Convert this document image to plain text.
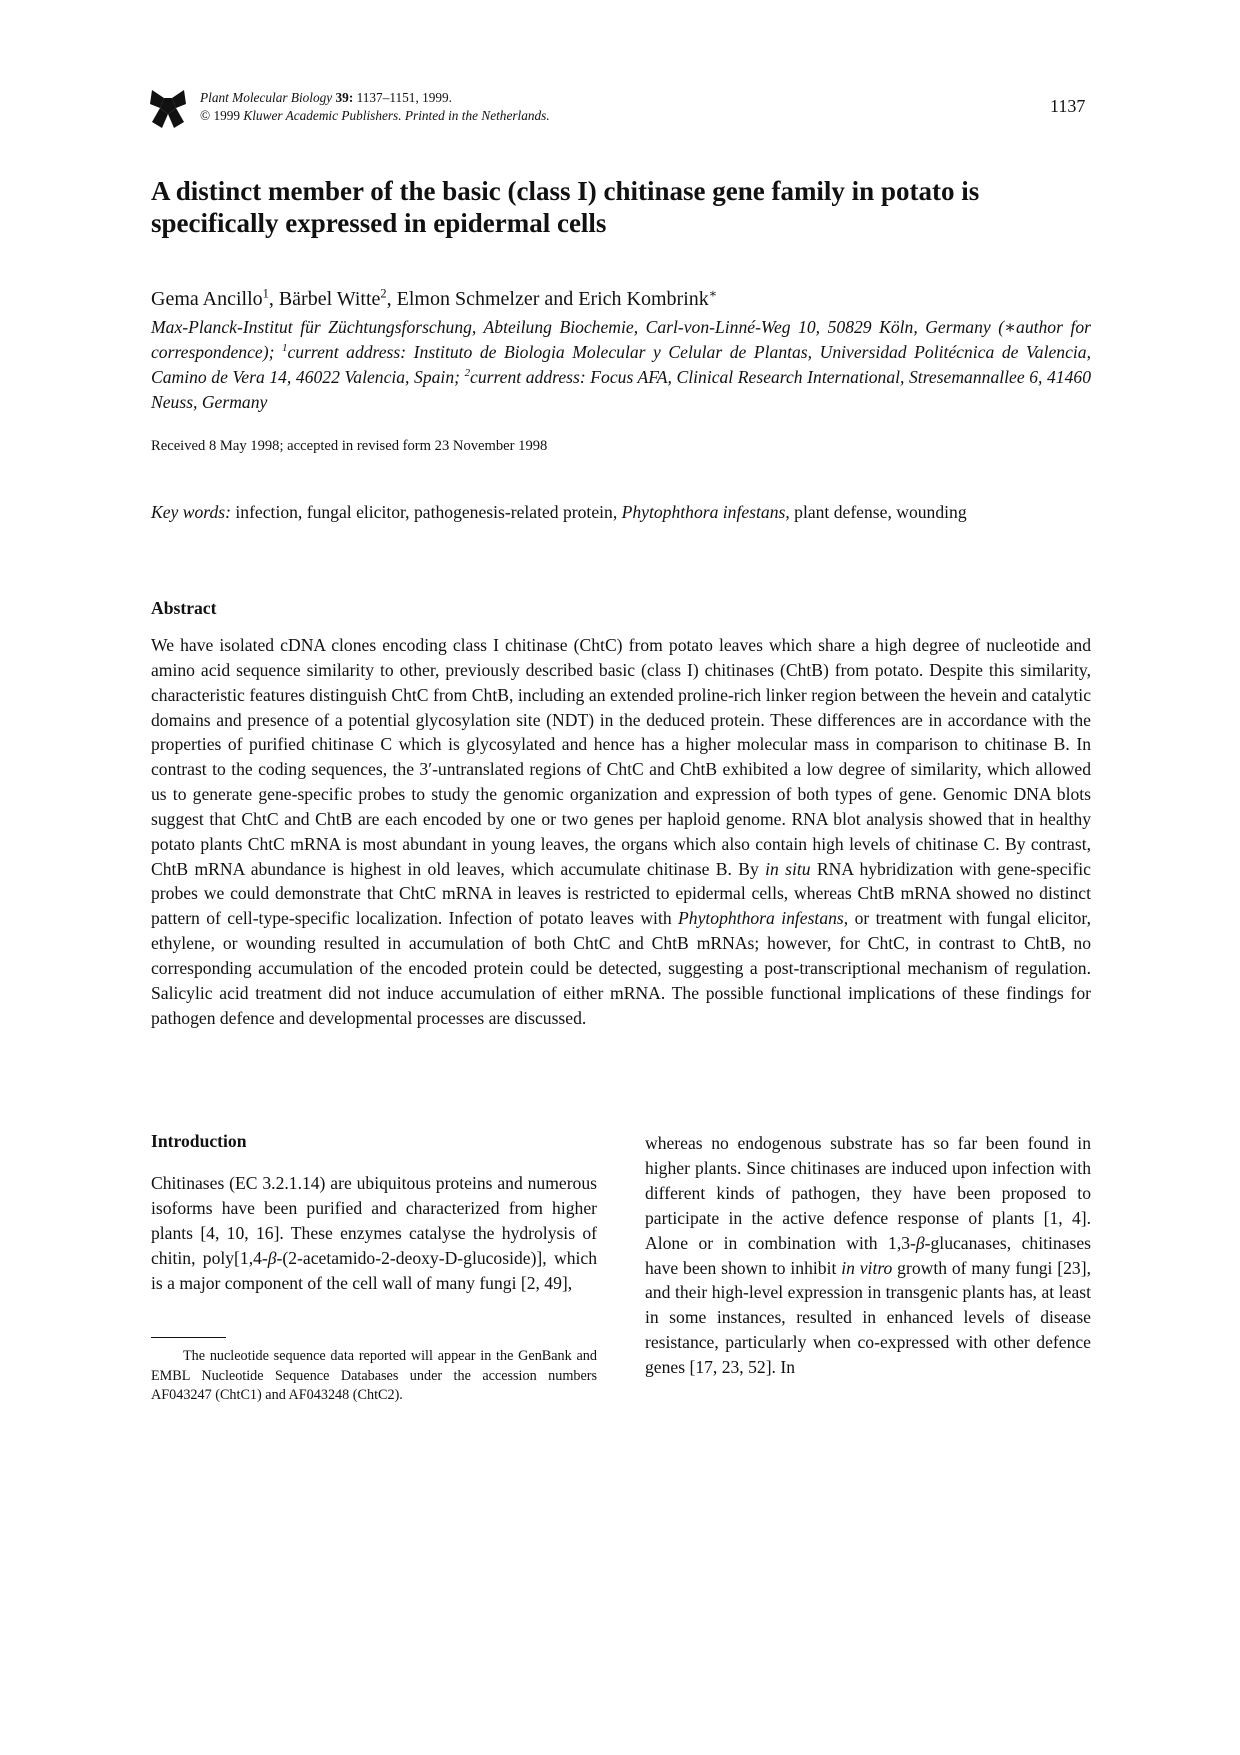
Plant Molecular Biology 39: 1137–1151, 1999.
© 1999 Kluwer Academic Publishers. Printed in the Netherlands.	1137
A distinct member of the basic (class I) chitinase gene family in potato is specifically expressed in epidermal cells
Gema Ancillo$^1$, Bärbel Witte$^2$, Elmon Schmelzer and Erich Kombrink∗
Max-Planck-Institut für Züchtungsforschung, Abteilung Biochemie, Carl-von-Linné-Weg 10, 50829 Köln, Germany (∗author for correspondence); $^1$current address: Instituto de Biologia Molecular y Celular de Plantas, Universidad Politécnica de Valencia, Camino de Vera 14, 46022 Valencia, Spain; $^2$current address: Focus AFA, Clinical Research International, Stresemannallee 6, 41460 Neuss, Germany
Received 8 May 1998; accepted in revised form 23 November 1998
Key words: infection, fungal elicitor, pathogenesis-related protein, Phytophthora infestans, plant defense, wounding
Abstract
We have isolated cDNA clones encoding class I chitinase (ChtC) from potato leaves which share a high degree of nucleotide and amino acid sequence similarity to other, previously described basic (class I) chitinases (ChtB) from potato. Despite this similarity, characteristic features distinguish ChtC from ChtB, including an extended proline-rich linker region between the hevein and catalytic domains and presence of a potential glycosylation site (NDT) in the deduced protein. These differences are in accordance with the properties of purified chitinase C which is glycosylated and hence has a higher molecular mass in comparison to chitinase B. In contrast to the coding sequences, the 3′-untranslated regions of ChtC and ChtB exhibited a low degree of similarity, which allowed us to generate gene-specific probes to study the genomic organization and expression of both types of gene. Genomic DNA blots suggest that ChtC and ChtB are each encoded by one or two genes per haploid genome. RNA blot analysis showed that in healthy potato plants ChtC mRNA is most abundant in young leaves, the organs which also contain high levels of chitinase C. By contrast, ChtB mRNA abundance is highest in old leaves, which accumulate chitinase B. By in situ RNA hybridization with gene-specific probes we could demonstrate that ChtC mRNA in leaves is restricted to epidermal cells, whereas ChtB mRNA showed no distinct pattern of cell-type-specific localization. Infection of potato leaves with Phytophthora infestans, or treatment with fungal elicitor, ethylene, or wounding resulted in accumulation of both ChtC and ChtB mRNAs; however, for ChtC, in contrast to ChtB, no corresponding accumulation of the encoded protein could be detected, suggesting a post-transcriptional mechanism of regulation. Salicylic acid treatment did not induce accumulation of either mRNA. The possible functional implications of these findings for pathogen defence and developmental processes are discussed.
Introduction
Chitinases (EC 3.2.1.14) are ubiquitous proteins and numerous isoforms have been purified and characterized from higher plants [4, 10, 16]. These enzymes catalyse the hydrolysis of chitin, poly[1,4-β-(2-acetamido-2-deoxy-D-glucoside)], which is a major component of the cell wall of many fungi [2, 49],
The nucleotide sequence data reported will appear in the GenBank and EMBL Nucleotide Sequence Databases under the accession numbers AF043247 (ChtC1) and AF043248 (ChtC2).
whereas no endogenous substrate has so far been found in higher plants. Since chitinases are induced upon infection with different kinds of pathogen, they have been proposed to participate in the active defence response of plants [1, 4]. Alone or in combination with 1,3-β-glucanases, chitinases have been shown to inhibit in vitro growth of many fungi [23], and their high-level expression in transgenic plants has, at least in some instances, resulted in enhanced levels of disease resistance, particularly when co-expressed with other defence genes [17, 23, 52]. In
